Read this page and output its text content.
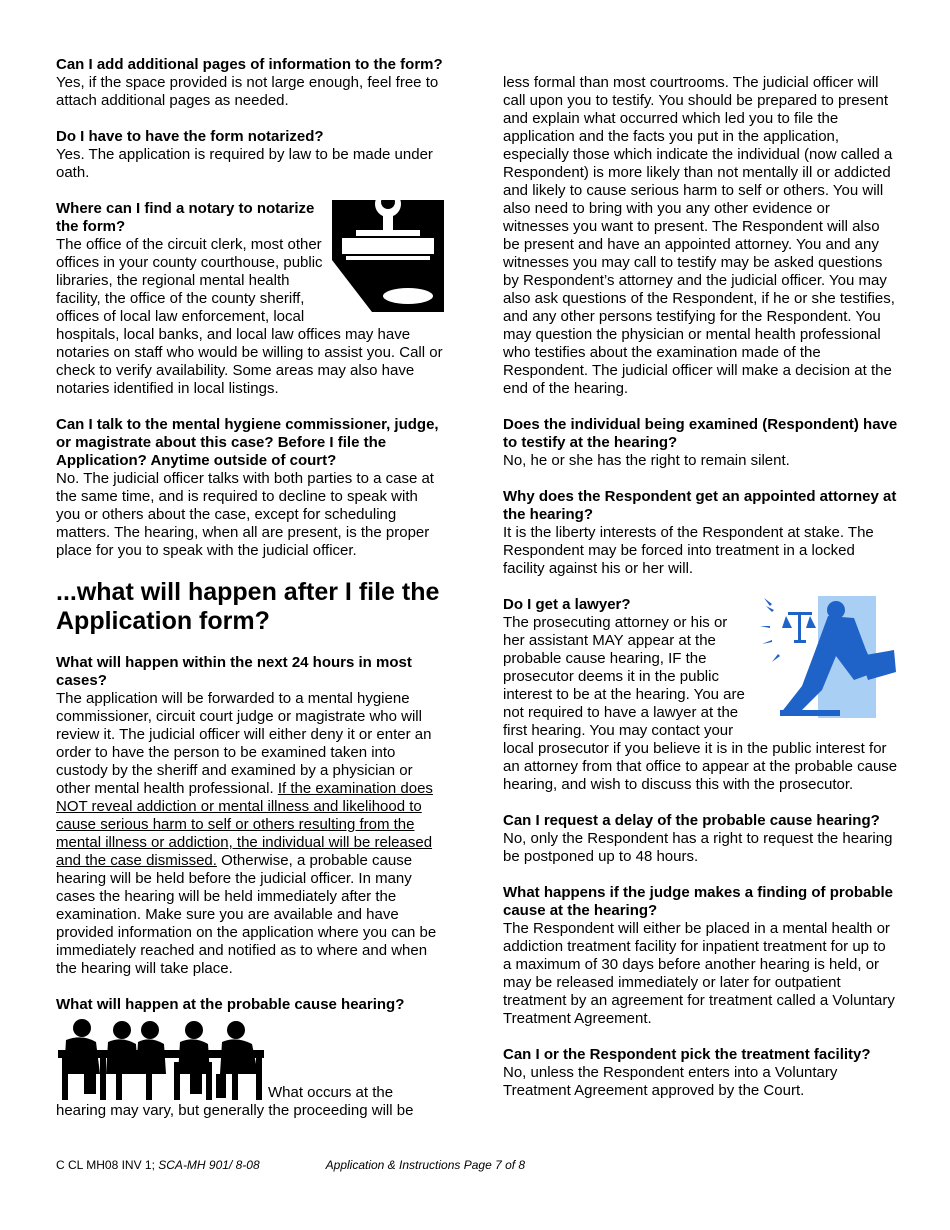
Can I add additional pages of information to the form?

Yes, if the space provided is not large enough, feel free to attach additional pages as needed.

Do I have to have the form notarized?

Yes. The application is required by law to be made under oath.

Where can I find a notary to notarize the form?

The office of the circuit clerk, most other offices in your county courthouse, public libraries, the regional mental health facility, the office of the county sheriff, offices of local law enforcement, local hospitals, local banks, and local law offices may have notaries on staff who would be willing to assist you. Call or check to verify availability. Some areas may also have notaries identified in local listings.

Can I talk to the mental hygiene commissioner, judge, or magistrate about this case? Before I file the Application? Anytime outside of court?

No. The judicial officer talks with both parties to a case at the same time, and is required to decline to speak with you or others about the case, except for scheduling matters. The hearing, when all are present, is the proper place for you to speak with the judicial officer.

...what will happen after I file the Application form?

What will happen within the next 24 hours in most cases?

The application will be forwarded to a mental hygiene commissioner, circuit court judge or magistrate who will review it. The judicial officer will either deny it or enter an order to have the person to be examined taken into custody by the sheriff and examined by a physician or other mental health professional. If the examination does NOT reveal addiction or mental illness and likelihood to cause serious harm to self or others resulting from the mental illness or addiction, the individual will be released and the case dismissed. Otherwise, a probable cause hearing will be held before the judicial officer. In many cases the hearing will be held immediately after the examination. Make sure you are available and have provided information on the application where you can be immediately reached and notified as to where and when the hearing will take place.

What will happen at the probable cause hearing?

What occurs at the hearing may vary, but generally the proceeding will be

less formal than most courtrooms. The judicial officer will call upon you to testify. You should be prepared to present and explain what occurred which led you to file the application and the facts you put in the application, especially those which indicate the individual (now called a Respondent) is more likely than not mentally ill or addicted and likely to cause serious harm to self or others. You will also need to bring with you any other evidence or witnesses you want to present. The Respondent will also be present and have an appointed attorney. You and any witnesses you may call to testify may be asked questions by Respondent’s attorney and the judicial officer. You may also ask questions of the Respondent, if he or she testifies, and any other persons testifying for the Respondent. You may question the physician or mental health professional who testifies about the examination made of the Respondent. The judicial officer will make a decision at the end of the hearing.

Does the individual being examined (Respondent) have to testify at the hearing?

No, he or she has the right to remain silent.

Why does the Respondent get an appointed attorney at the hearing?

It is the liberty interests of the Respondent at stake. The Respondent may be forced into treatment in a locked facility against his or her will.

Do I get a lawyer?

The prosecuting attorney or his or her assistant MAY appear at the probable cause hearing, IF the prosecutor deems it in the public interest to be at the hearing. You are not required to have a lawyer at the first hearing. You may contact your local prosecutor if you believe it is in the public interest for an attorney from that office to appear at the probable cause hearing, and wish to discuss this with the prosecutor.

Can I request a delay of the probable cause hearing?

No, only the Respondent has a right to request the hearing be postponed up to 48 hours.

What happens if the judge makes a finding of probable cause at the hearing?

The Respondent will either be placed in a mental health or addiction treatment facility for inpatient treatment for up to a maximum of 30 days before another hearing is held, or may be released immediately or later for outpatient treatment by an agreement for treatment called a Voluntary Treatment Agreement.

Can I or the Respondent pick the treatment facility?

No, unless the Respondent enters into a Voluntary Treatment Agreement approved by the Court.

C CL MH08 INV 1; SCA-MH 901/ 8-08	Application & Instructions Page 7 of 8
